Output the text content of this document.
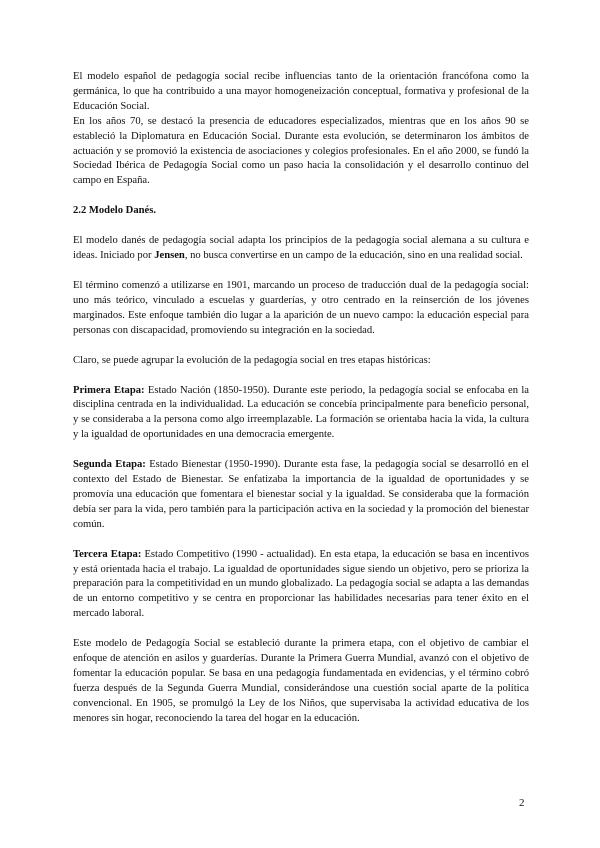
El modelo español de pedagogía social recibe influencias tanto de la orientación francófona como la germánica, lo que ha contribuido a una mayor homogeneización conceptual, formativa y profesional de la Educación Social.

En los años 70, se destacó la presencia de educadores especializados, mientras que en los años 90 se estableció la Diplomatura en Educación Social. Durante esta evolución, se determinaron los ámbitos de actuación y se promovió la existencia de asociaciones y colegios profesionales. En el año 2000, se fundó la Sociedad Ibérica de Pedagogía Social como un paso hacia la consolidación y el desarrollo continuo del campo en España.

2.2 Modelo Danés.

El modelo danés de pedagogía social adapta los principios de la pedagogía social alemana a su cultura e ideas. Iniciado por Jensen, no busca convertirse en un campo de la educación, sino en una realidad social.

El término comenzó a utilizarse en 1901, marcando un proceso de traducción dual de la pedagogía social: uno más teórico, vinculado a escuelas y guarderías, y otro centrado en la reinserción de los jóvenes marginados. Este enfoque también dio lugar a la aparición de un nuevo campo: la educación especial para personas con discapacidad, promoviendo su integración en la sociedad.

Claro, se puede agrupar la evolución de la pedagogía social en tres etapas históricas:

Primera Etapa: Estado Nación (1850-1950). Durante este periodo, la pedagogía social se enfocaba en la disciplina centrada en la individualidad. La educación se concebía principalmente para beneficio personal, y se consideraba a la persona como algo irreemplazable. La formación se orientaba hacia la vida, la cultura y la igualdad de oportunidades en una democracia emergente.

Segunda Etapa: Estado Bienestar (1950-1990). Durante esta fase, la pedagogía social se desarrolló en el contexto del Estado de Bienestar. Se enfatizaba la importancia de la igualdad de oportunidades y se promovía una educación que fomentara el bienestar social y la igualdad. Se consideraba que la formación debía ser para la vida, pero también para la participación activa en la sociedad y la promoción del bienestar común.

Tercera Etapa: Estado Competitivo (1990 - actualidad). En esta etapa, la educación se basa en incentivos y está orientada hacia el trabajo. La igualdad de oportunidades sigue siendo un objetivo, pero se prioriza la preparación para la competitividad en un mundo globalizado. La pedagogía social se adapta a las demandas de un entorno competitivo y se centra en proporcionar las habilidades necesarias para tener éxito en el mercado laboral.

Este modelo de Pedagogía Social se estableció durante la primera etapa, con el objetivo de cambiar el enfoque de atención en asilos y guarderías. Durante la Primera Guerra Mundial, avanzó con el objetivo de fomentar la educación popular. Se basa en una pedagogía fundamentada en evidencias, y el término cobró fuerza después de la Segunda Guerra Mundial, considerándose una cuestión social aparte de la política convencional. En 1905, se promulgó la Ley de los Niños, que supervisaba la actividad educativa de los menores sin hogar, reconociendo la tarea del hogar en la educación.

2
